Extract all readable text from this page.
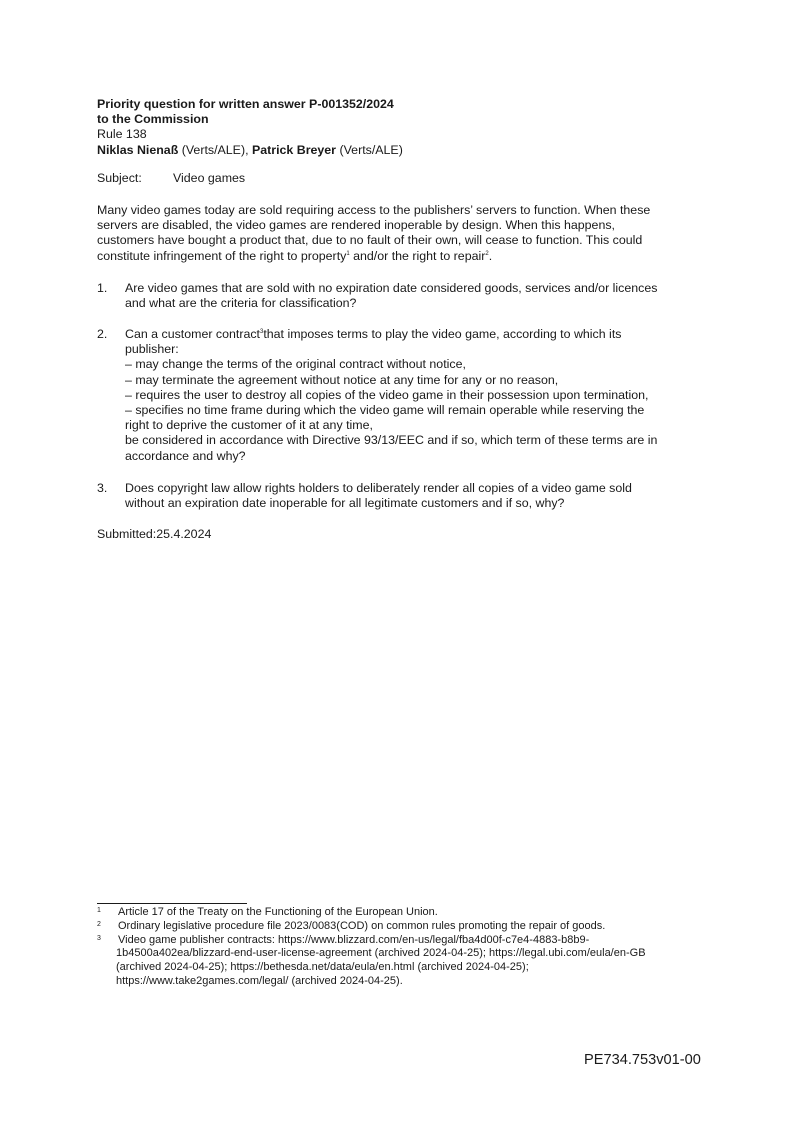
Priority question for written answer P-001352/2024
to the Commission
Rule 138
Niklas Nienaß (Verts/ALE), Patrick Breyer (Verts/ALE)
Subject:	Video games
Many video games today are sold requiring access to the publishers’ servers to function. When these
servers are disabled, the video games are rendered inoperable by design. When this happens,
customers have bought a product that, due to no fault of their own, will cease to function. This could
constitute infringement of the right to property$^1$ and/or the right to repair$^2$.
1. Are video games that are sold with no expiration date considered goods, services and/or licences
and what are the criteria for classification?
2. Can a customer contract$^3$that imposes terms to play the video game, according to which its
publisher:
– may change the terms of the original contract without notice,
– may terminate the agreement without notice at any time for any or no reason,
– requires the user to destroy all copies of the video game in their possession upon termination,
– specifies no time frame during which the video game will remain operable while reserving the
right to deprive the customer of it at any time,
be considered in accordance with Directive 93/13/EEC and if so, which term of these terms are in
accordance and why?
3. Does copyright law allow rights holders to deliberately render all copies of a video game sold
without an expiration date inoperable for all legitimate customers and if so, why?
Submitted:25.4.2024
1 Article 17 of the Treaty on the Functioning of the European Union.
2 Ordinary legislative procedure file 2023/0083(COD) on common rules promoting the repair of goods.
3 Video game publisher contracts: https://www.blizzard.com/en-us/legal/fba4d00f-c7e4-4883-b8b9-
1b4500a402ea/blizzard-end-user-license-agreement (archived 2024-04-25); https://legal.ubi.com/eula/en-GB
(archived 2024-04-25); https://bethesda.net/data/eula/en.html (archived 2024-04-25);
https://www.take2games.com/legal/ (archived 2024-04-25).
PE734.753v01-00
